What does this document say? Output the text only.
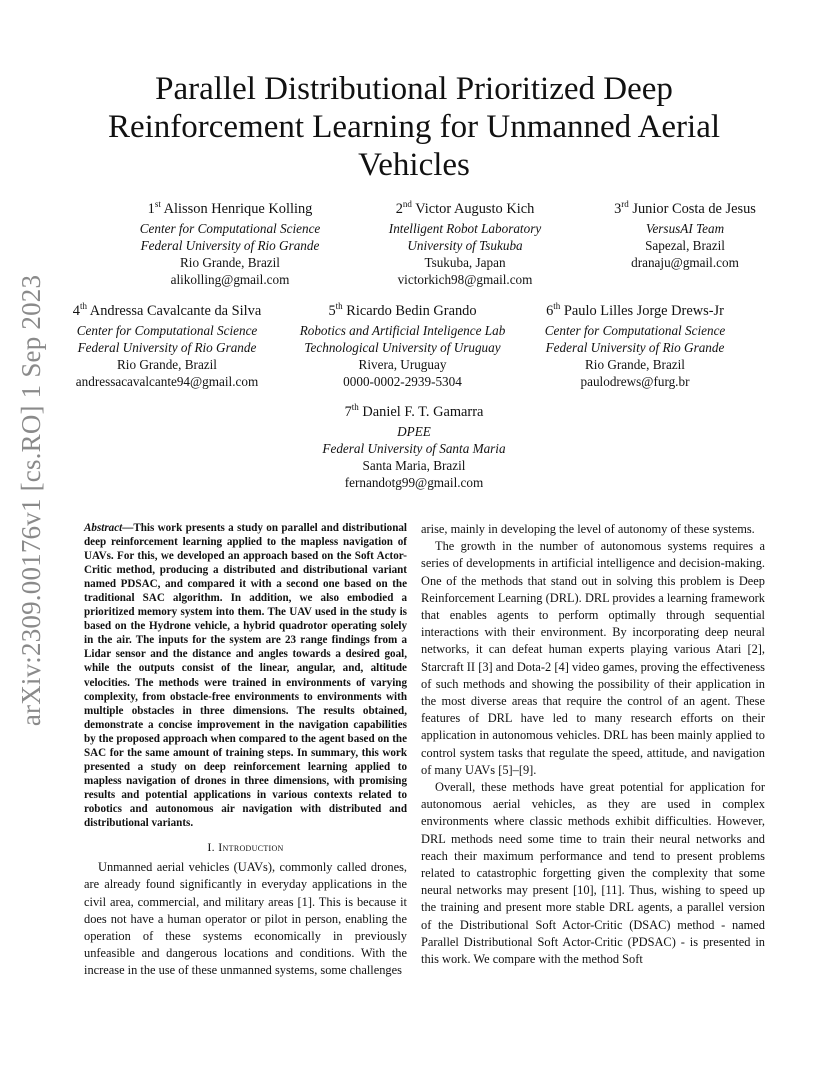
arXiv:2309.00176v1 [cs.RO] 1 Sep 2023
Parallel Distributional Prioritized Deep Reinforcement Learning for Unmanned Aerial Vehicles
1st Alisson Henrique Kolling
Center for Computational Science
Federal University of Rio Grande
Rio Grande, Brazil
alikolling@gmail.com
2nd Victor Augusto Kich
Intelligent Robot Laboratory
University of Tsukuba
Tsukuba, Japan
victorkich98@gmail.com
3rd Junior Costa de Jesus
VersusAI Team
Sapezal, Brazil
dranaju@gmail.com
4th Andressa Cavalcante da Silva
Center for Computational Science
Federal University of Rio Grande
Rio Grande, Brazil
andressacavalcante94@gmail.com
5th Ricardo Bedin Grando
Robotics and Artificial Inteligence Lab
Technological University of Uruguay
Rivera, Uruguay
0000-0002-2939-5304
6th Paulo Lilles Jorge Drews-Jr
Center for Computational Science
Federal University of Rio Grande
Rio Grande, Brazil
paulodrews@furg.br
7th Daniel F. T. Gamarra
DPEE
Federal University of Santa Maria
Santa Maria, Brazil
fernandotg99@gmail.com
Abstract—This work presents a study on parallel and distributional deep reinforcement learning applied to the mapless navigation of UAVs. For this, we developed an approach based on the Soft Actor-Critic method, producing a distributed and distributional variant named PDSAC, and compared it with a second one based on the traditional SAC algorithm. In addition, we also embodied a prioritized memory system into them. The UAV used in the study is based on the Hydrone vehicle, a hybrid quadrotor operating solely in the air. The inputs for the system are 23 range findings from a Lidar sensor and the distance and angles towards a desired goal, while the outputs consist of the linear, angular, and, altitude velocities. The methods were trained in environments of varying complexity, from obstacle-free environments to environments with multiple obstacles in three dimensions. The results obtained, demonstrate a concise improvement in the navigation capabilities by the proposed approach when compared to the agent based on the SAC for the same amount of training steps. In summary, this work presented a study on deep reinforcement learning applied to mapless navigation of drones in three dimensions, with promising results and potential applications in various contexts related to robotics and autonomous air navigation with distributed and distributional variants.
I. Introduction

Unmanned aerial vehicles (UAVs), commonly called drones, are already found significantly in everyday applications in the civil area, commercial, and military areas [1]. This is because it does not have a human operator or pilot in person, enabling the operation of these systems economically in previously unfeasible and dangerous locations and conditions. With the increase in the use of these unmanned systems, some challenges

arise, mainly in developing the level of autonomy of these systems.

The growth in the number of autonomous systems requires a series of developments in artificial intelligence and decision-making. One of the methods that stand out in solving this problem is Deep Reinforcement Learning (DRL). DRL provides a learning framework that enables agents to perform optimally through sequential interactions with their environment. By incorporating deep neural networks, it can defeat human experts playing various Atari [2], Starcraft II [3] and Dota-2 [4] video games, proving the effectiveness of such methods and showing the possibility of their application in the most diverse areas that require the control of an agent. These features of DRL have led to many research efforts on their application in autonomous vehicles. DRL has been mainly applied to control system tasks that regulate the speed, attitude, and navigation of many UAVs [5]–[9].

Overall, these methods have great potential for application for autonomous aerial vehicles, as they are used in complex environments where classic methods exhibit difficulties. However, DRL methods need some time to train their neural networks and reach their maximum performance and tend to present problems related to catastrophic forgetting given the complexity that some neural networks may present [10], [11]. Thus, wishing to speed up the training and present more stable DRL agents, a parallel version of the Distributional Soft Actor-Critic (DSAC) method - named Parallel Distributional Soft Actor-Critic (PDSAC) - is presented in this work. We compare with the method Soft
